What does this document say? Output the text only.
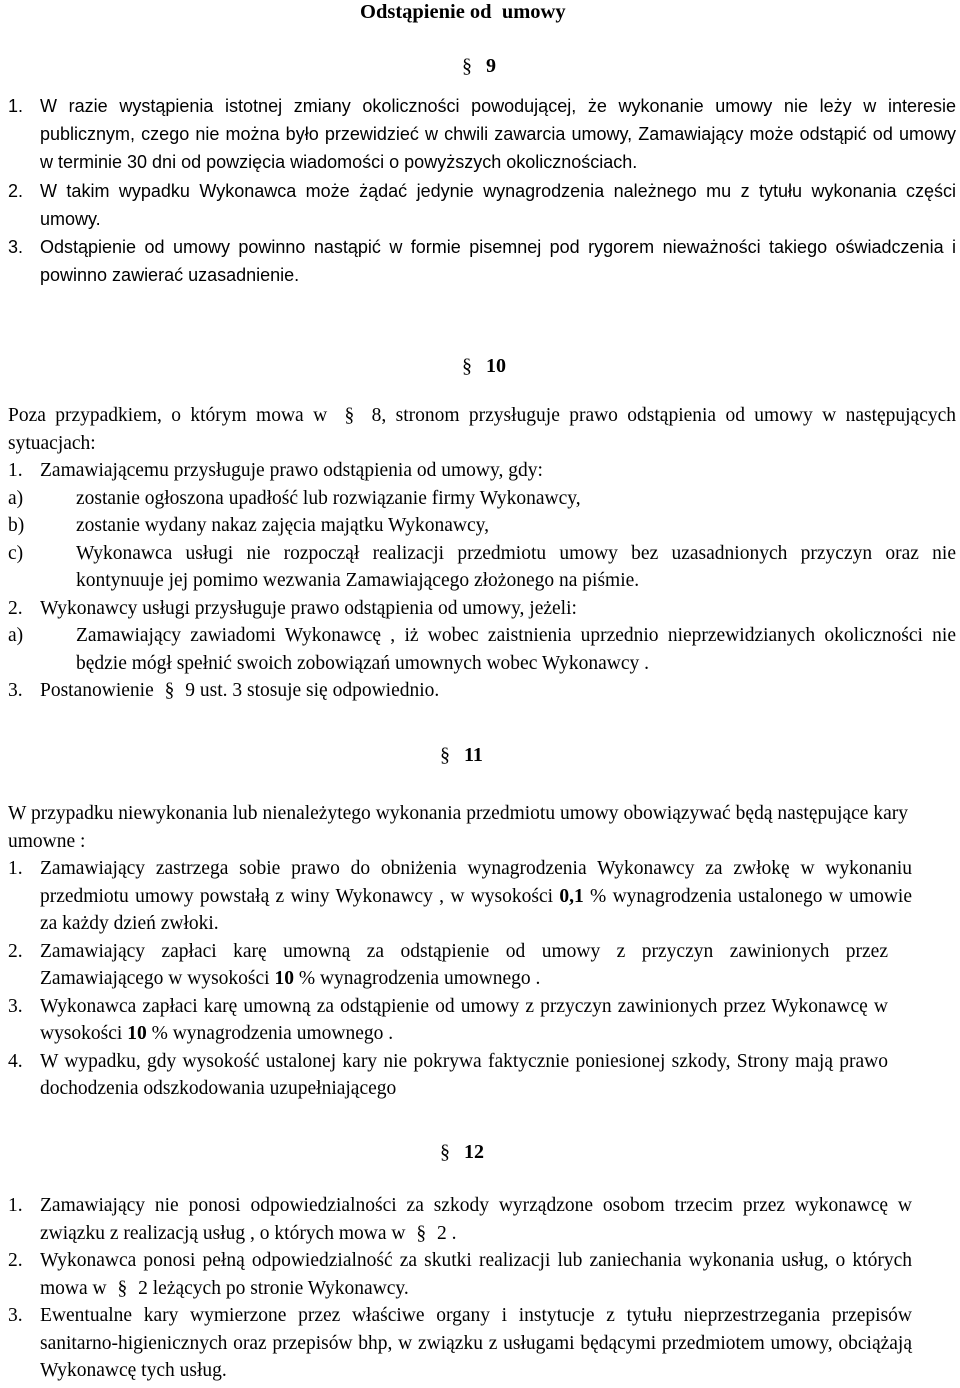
Odstąpienie od  umowy
§ 9
1. W razie wystąpienia istotnej zmiany okoliczności powodującej, że wykonanie umowy nie leży w interesie publicznym, czego nie można było przewidzieć w chwili zawarcia umowy, Zamawiający może odstąpić od umowy w terminie 30 dni od powzięcia wiadomości o powyższych okolicznościach.
2. W takim wypadku Wykonawca może żądać jedynie wynagrodzenia należnego mu z tytułu wykonania części umowy.
3. Odstąpienie od umowy powinno nastąpić w formie pisemnej pod rygorem nieważności takiego oświadczenia i powinno zawierać uzasadnienie.
§ 10
Poza przypadkiem, o którym mowa w § 8, stronom przysługuje prawo odstąpienia od umowy w następujących sytuacjach:
1. Zamawiającemu przysługuje prawo odstąpienia od umowy, gdy:
a)	zostanie ogłoszona upadłość lub rozwiązanie firmy Wykonawcy,
b)	zostanie wydany nakaz zajęcia majątku Wykonawcy,
c)	Wykonawca usługi nie rozpoczął realizacji przedmiotu umowy bez uzasadnionych przyczyn oraz nie kontynuuje jej pomimo wezwania Zamawiającego złożonego na piśmie.
2. Wykonawcy usługi przysługuje prawo odstąpienia od umowy, jeżeli:
a)	Zamawiający zawiadomi Wykonawcę , iż wobec zaistnienia uprzednio nieprzewidzianych okoliczności nie będzie mógł spełnić swoich zobowiązań umownych wobec Wykonawcy .
3. Postanowienie § 9 ust. 3 stosuje się odpowiednio.
§ 11
W przypadku niewykonania lub nienależytego wykonania przedmiotu umowy obowiązywać będą następujące kary umowne :
1. Zamawiający zastrzega sobie prawo do obniżenia wynagrodzenia Wykonawcy za zwłokę w wykonaniu przedmiotu umowy powstałą z winy Wykonawcy , w wysokości 0,1 % wynagrodzenia ustalonego w umowie za każdy dzień zwłoki.
2. Zamawiający zapłaci karę umowną za odstąpienie od umowy z przyczyn zawinionych przez Zamawiającego w wysokości 10 % wynagrodzenia umownego .
3. Wykonawca zapłaci karę umowną za odstąpienie od umowy z przyczyn zawinionych przez Wykonawcę w wysokości 10 % wynagrodzenia umownego .
4. W wypadku, gdy wysokość ustalonej kary nie pokrywa faktycznie poniesionej szkody, Strony mają prawo dochodzenia odszkodowania uzupełniającego
§ 12
1. Zamawiający nie ponosi odpowiedzialności za szkody wyrządzone osobom trzecim przez wykonawcę w związku z realizacją usług , o których mowa w § 2 .
2. Wykonawca ponosi pełną odpowiedzialność za skutki realizacji lub zaniechania wykonania usług, o których mowa w § 2 leżących po stronie Wykonawcy.
3. Ewentualne kary wymierzone przez właściwe organy i instytucje z tytułu nieprzestrzegania przepisów sanitarno-higienicznych oraz przepisów bhp, w związku z usługami będącymi przedmiotem umowy, obciążają Wykonawcę tych usług.
